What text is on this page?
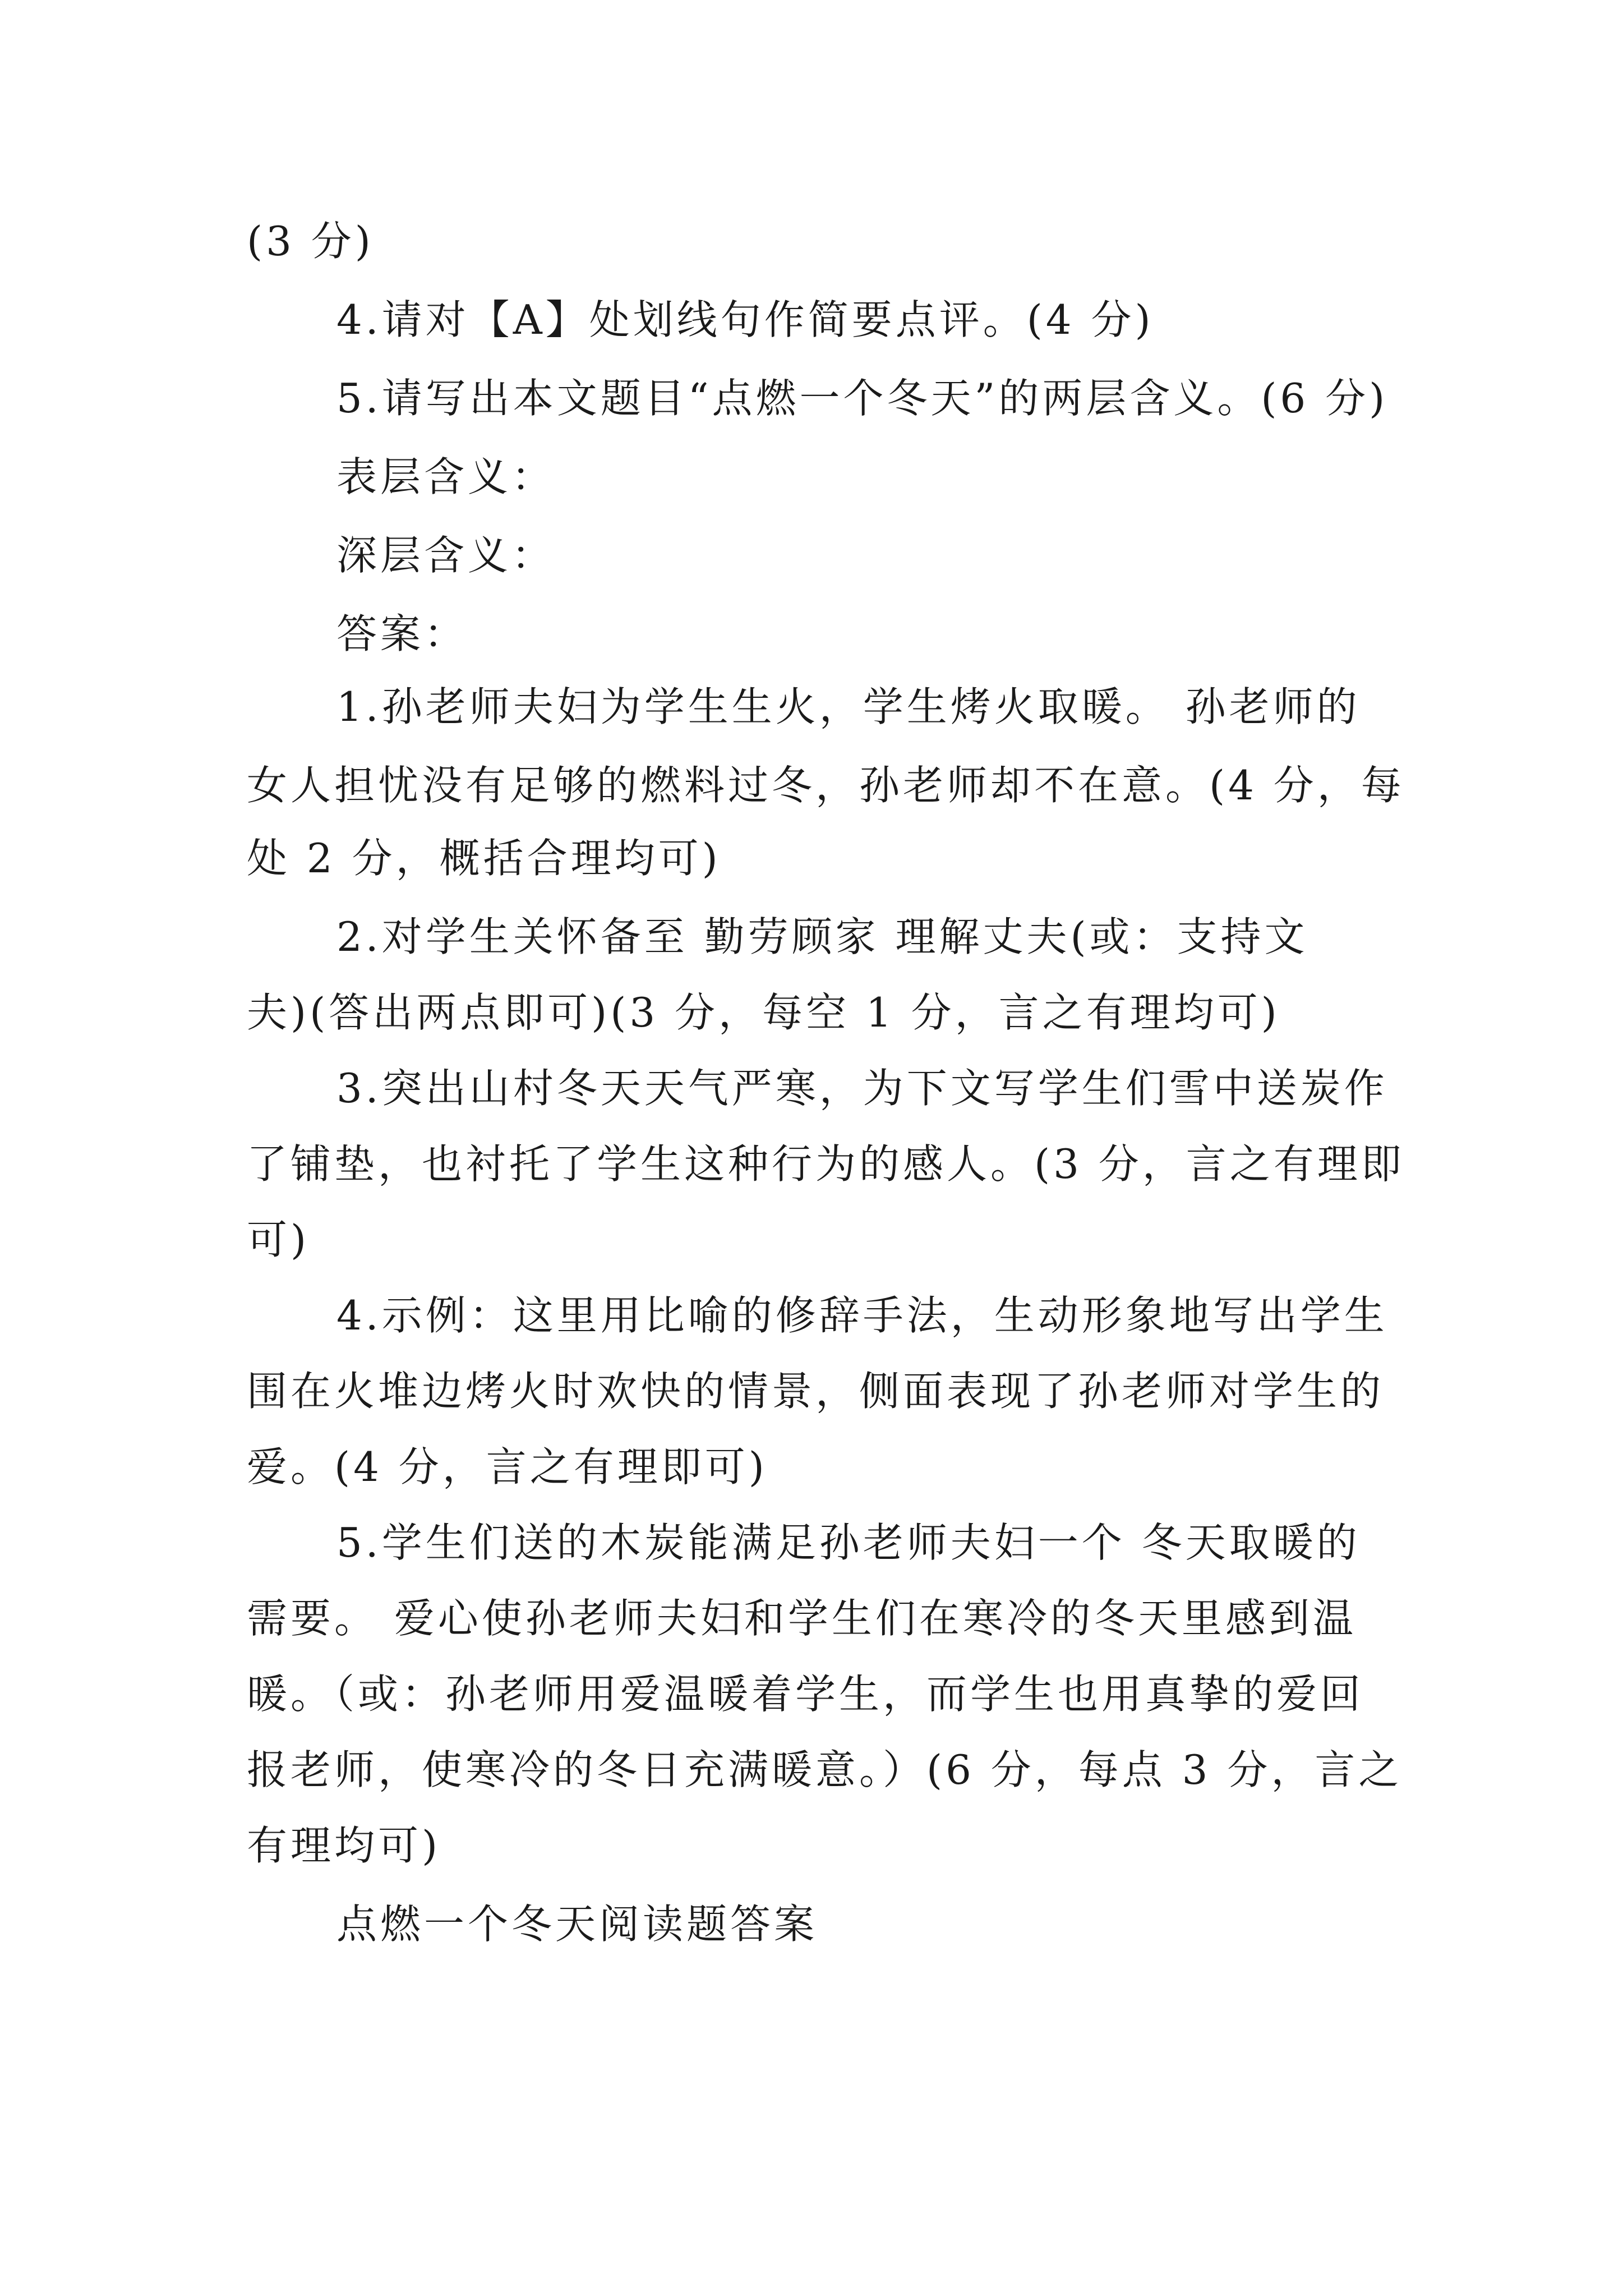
(3 分)
4.请对【A】处划线句作简要点评。(4 分)
5.请写出本文题目“点燃一个冬天”的两层含义。(6 分)
表层含义：
深层含义：
答案：
1.孙老师夫妇为学生生火，学生烤火取暖。 孙老师的
女人担忧没有足够的燃料过冬，孙老师却不在意。(4 分，每
处 2 分，概括合理均可)
2.对学生关怀备至 勤劳顾家 理解丈夫(或：支持文
夫)(答出两点即可)(3 分，每空 1 分，言之有理均可)
3.突出山村冬天天气严寒，为下文写学生们雪中送炭作
了铺垫，也衬托了学生这种行为的感人。(3 分，言之有理即
可)
4.示例：这里用比喻的修辞手法，生动形象地写出学生
围在火堆边烤火时欢快的情景，侧面表现了孙老师对学生的
爱。(4 分，言之有理即可)
5.学生们送的木炭能满足孙老师夫妇一个 冬天取暖的
需要。 爱心使孙老师夫妇和学生们在寒冷的冬天里感到温
暖。（或：孙老师用爱温暖着学生，而学生也用真挚的爱回
报老师，使寒冷的冬日充满暖意。）(6 分，每点 3 分，言之
有理均可)
点燃一个冬天阅读题答案
